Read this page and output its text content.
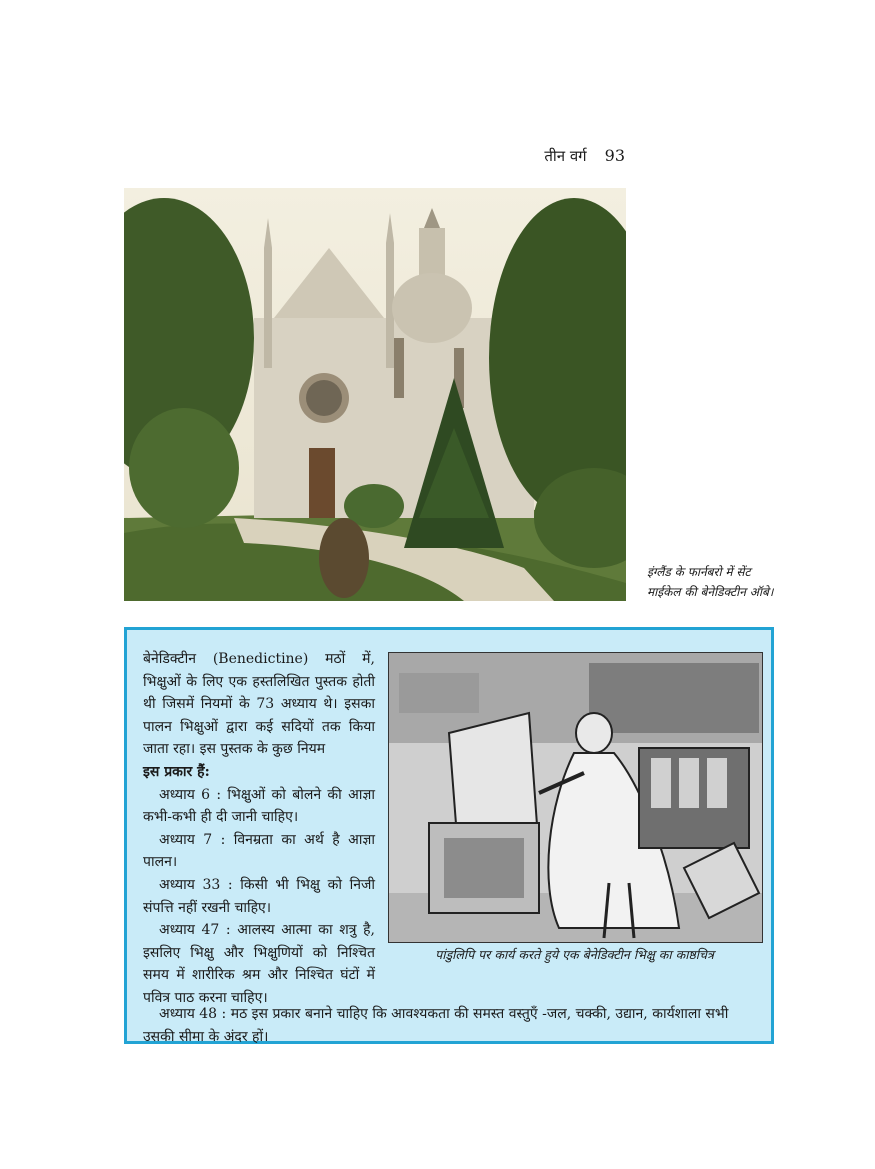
तीन वर्ग 93
इंग्लैंड के फार्नबरो में सेंट माईकेल की बेनेडिक्टीन ऑबे।

बेनेडिक्टीन (Benedictine) मठों में, भिक्षुओं के लिए एक हस्तलिखित पुस्तक होती थी जिसमें नियमों के 73 अध्याय थे। इसका पालन भिक्षुओं द्वारा कई सदियों तक किया जाता रहा। इस पुस्तक के कुछ नियम

इस प्रकार हैं:

अध्याय 6 : भिक्षुओं को बोलने की आज्ञा कभी-कभी ही दी जानी चाहिए।

अध्याय 7 : विनम्रता का अर्थ है आज्ञा पालन।

अध्याय 33 : किसी भी भिक्षु को निजी संपत्ति नहीं रखनी चाहिए।

अध्याय 47 : आलस्य आत्मा का शत्रु है, इसलिए भिक्षु और भिक्षुणियों को निश्चित समय में शारीरिक श्रम और निश्चित घंटों में पवित्र पाठ करना चाहिए।

पांडुलिपि पर कार्य करते हुये एक बेनेडिक्टीन भिक्षु का काष्ठचित्र

अध्याय 48 : मठ इस प्रकार बनाने चाहिए कि आवश्यकता की समस्त वस्तुएँ -जल, चक्की, उद्यान, कार्यशाला सभी उसकी सीमा के अंदर हों।
